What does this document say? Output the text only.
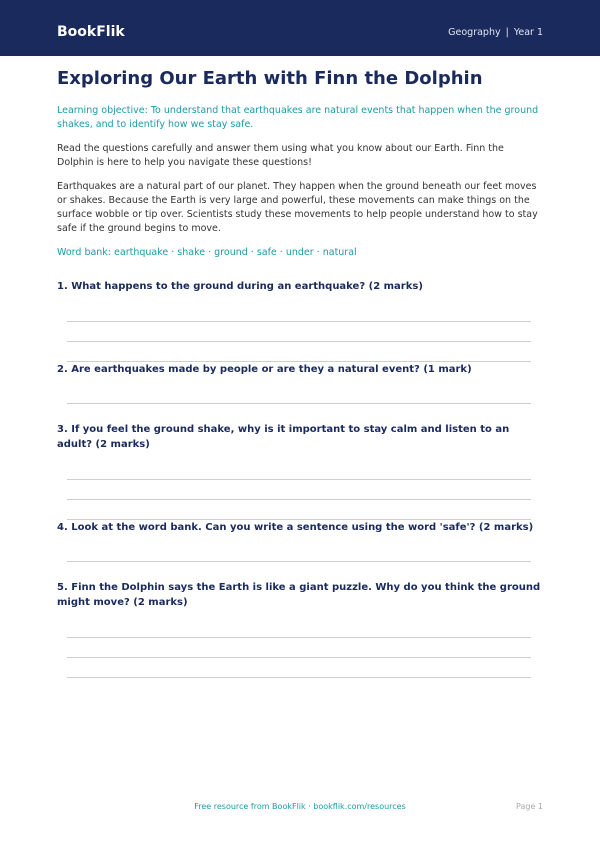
BookFlik	Geography | Year 1
Exploring Our Earth with Finn the Dolphin

Learning objective: To understand that earthquakes are natural events that happen when the ground shakes, and to identify how we stay safe.

Read the questions carefully and answer them using what you know about our Earth. Finn the Dolphin is here to help you navigate these questions!

Earthquakes are a natural part of our planet. They happen when the ground beneath our feet moves or shakes. Because the Earth is very large and powerful, these movements can make things on the surface wobble or tip over. Scientists study these movements to help people understand how to stay safe if the ground begins to move.

Word bank: earthquake · shake · ground · safe · under · natural

1. What happens to the ground during an earthquake? (2 marks)

2. Are earthquakes made by people or are they a natural event? (1 mark)

3. If you feel the ground shake, why is it important to stay calm and listen to an adult? (2 marks)

4. Look at the word bank. Can you write a sentence using the word 'safe'? (2 marks)

5. Finn the Dolphin says the Earth is like a giant puzzle. Why do you think the ground might move? (2 marks)

Free resource from BookFlik · bookflik.com/resources	Page 1
